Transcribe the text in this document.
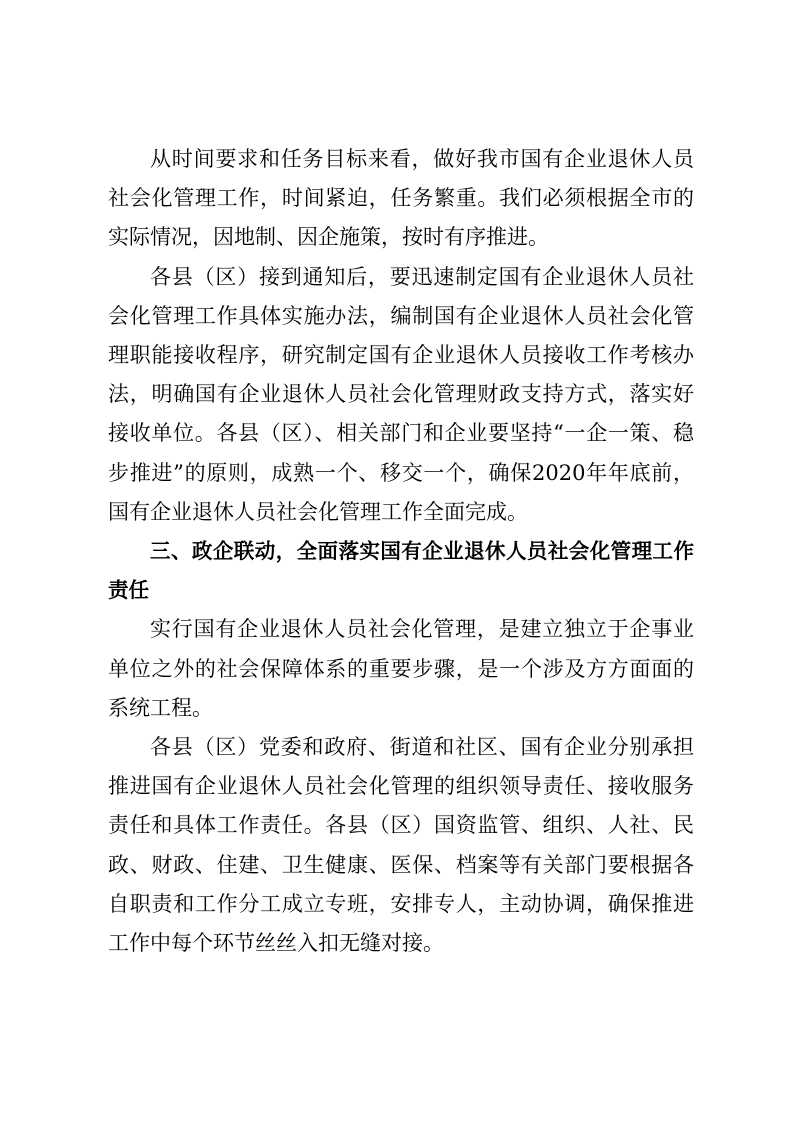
从时间要求和任务目标来看，做好我市国有企业退休人员社会化管理工作，时间紧迫，任务繁重。我们必须根据全市的实际情况，因地制、因企施策，按时有序推进。

各县（区）接到通知后，要迅速制定国有企业退休人员社会化管理工作具体实施办法，编制国有企业退休人员社会化管理职能接收程序，研究制定国有企业退休人员接收工作考核办法，明确国有企业退休人员社会化管理财政支持方式，落实好接收单位。各县（区）、相关部门和企业要坚持“一企一策、稳步推进”的原则，成熟一个、移交一个，确保2020年年底前，国有企业退休人员社会化管理工作全面完成。

三、政企联动，全面落实国有企业退休人员社会化管理工作责任

实行国有企业退休人员社会化管理，是建立独立于企事业单位之外的社会保障体系的重要步骤，是一个涉及方方面面的系统工程。

各县（区）党委和政府、街道和社区、国有企业分别承担推进国有企业退休人员社会化管理的组织领导责任、接收服务责任和具体工作责任。各县（区）国资监管、组织、人社、民政、财政、住建、卫生健康、医保、档案等有关部门要根据各自职责和工作分工成立专班，安排专人，主动协调，确保推进工作中每个环节丝丝入扣无缝对接。
